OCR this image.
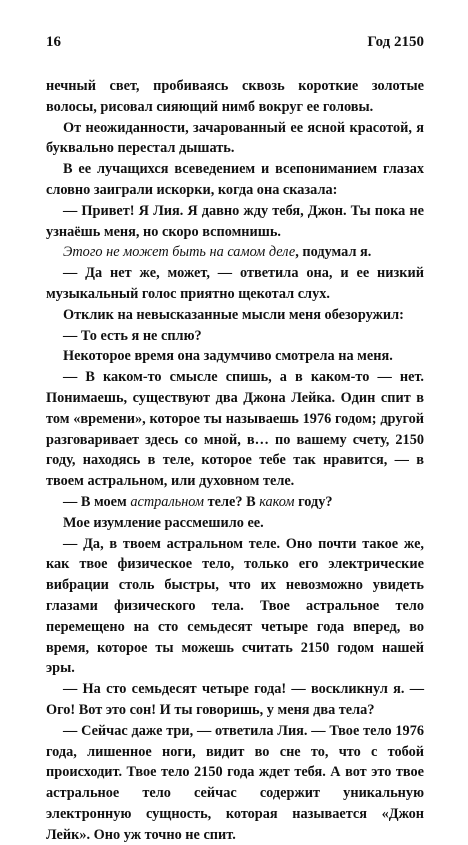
16	Год 2150

нечный свет, пробиваясь сквозь короткие золотые волосы, рисовал сияющий нимб вокруг ее головы.

От неожиданности, зачарованный ее ясной красотой, я буквально перестал дышать.

В ее лучащихся всеведением и всепониманием глазах словно заиграли искорки, когда она сказала:

— Привет! Я Лия. Я давно жду тебя, Джон. Ты пока не узнаёшь меня, но скоро вспомнишь.

Этого не может быть на самом деле, подумал я.

— Да нет же, может, — ответила она, и ее низкий музыкальный голос приятно щекотал слух.

Отклик на невысказанные мысли меня обезоружил:

— То есть я не сплю?

Некоторое время она задумчиво смотрела на меня.

— В каком-то смысле спишь, а в каком-то — нет. Понимаешь, существуют два Джона Лейка. Один спит в том «времени», которое ты называешь 1976 годом; другой разговаривает здесь со мной, в… по вашему счету, 2150 году, находясь в теле, которое тебе так нравится, — в твоем астральном, или духовном теле.

— В моем астральном теле? В каком году?

Мое изумление рассмешило ее.

— Да, в твоем астральном теле. Оно почти такое же, как твое физическое тело, только его электрические вибрации столь быстры, что их невозможно увидеть глазами физического тела. Твое астральное тело перемещено на сто семьдесят четыре года вперед, во время, которое ты можешь считать 2150 годом нашей эры.

— На сто семьдесят четыре года! — воскликнул я. — Ого! Вот это сон! И ты говоришь, у меня два тела?

— Сейчас даже три, — ответила Лия. — Твое тело 1976 года, лишенное ноги, видит во сне то, что с тобой происходит. Твое тело 2150 года ждет тебя. А вот это твое астральное тело сейчас содержит уникальную электронную сущность, которая называется «Джон Лейк». Оно уж точно не спит.
